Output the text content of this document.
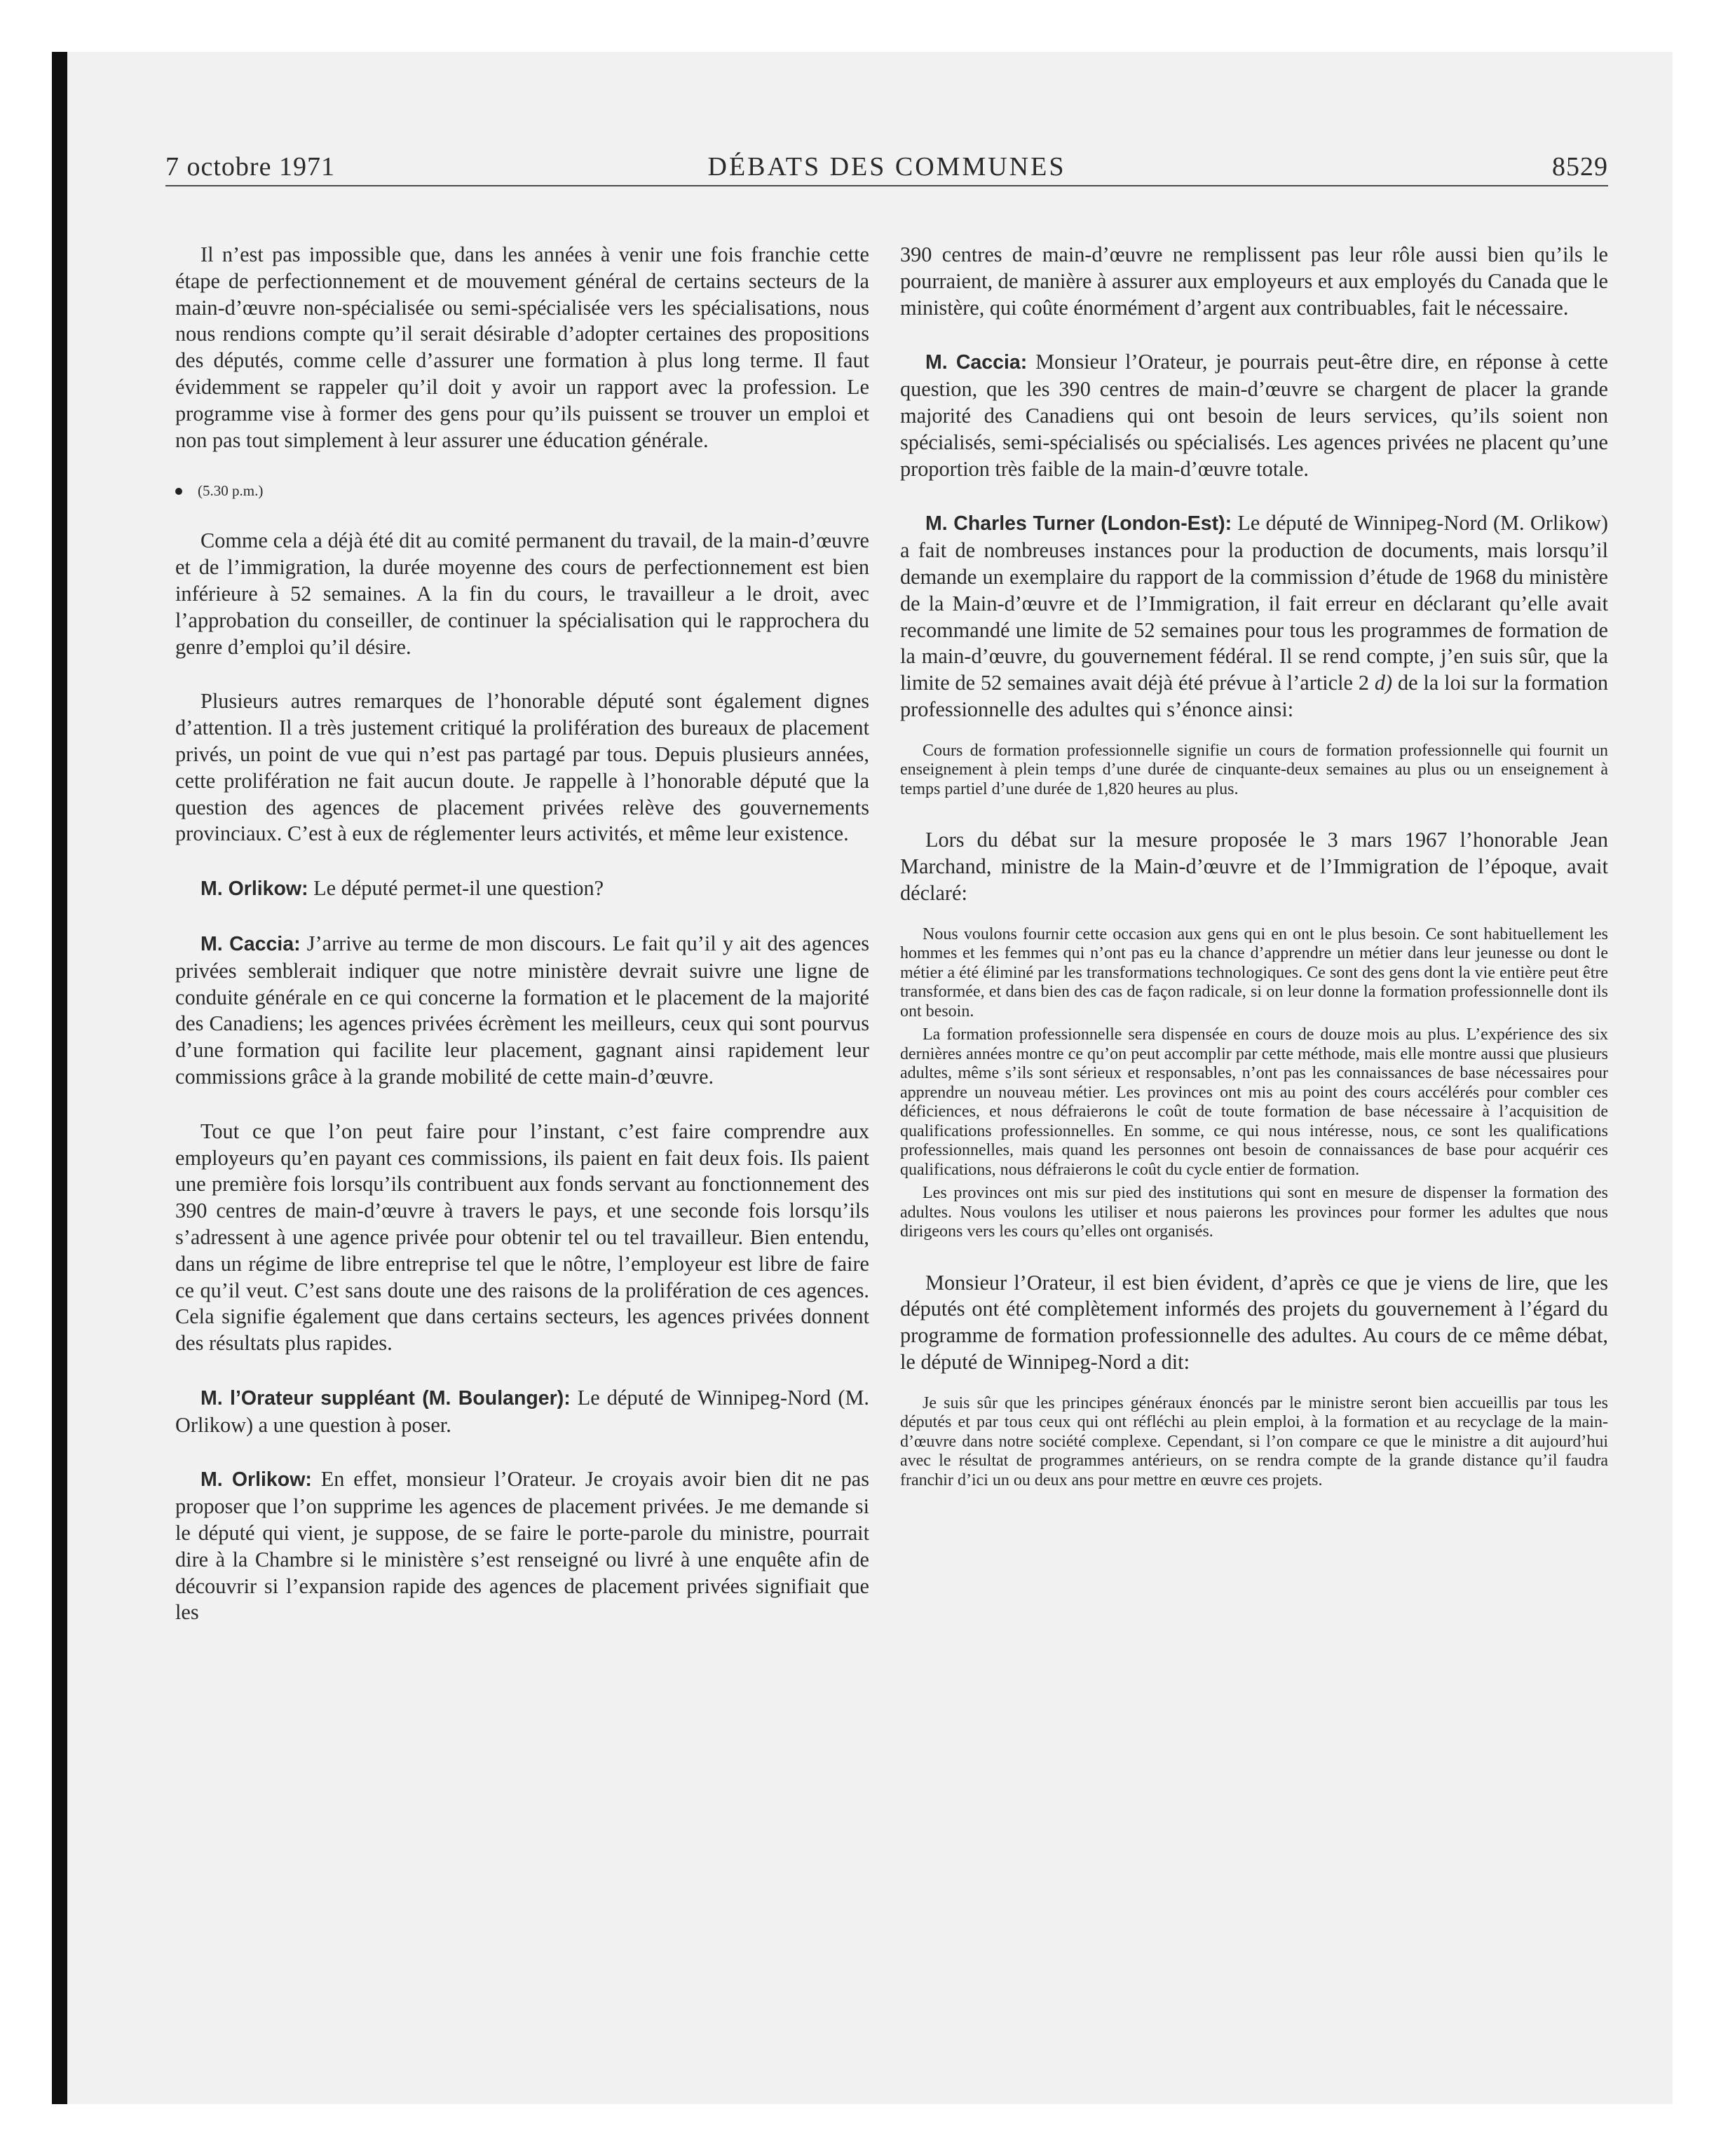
7 octobre 1971	DÉBATS DES COMMUNES	8529

Il n’est pas impossible que, dans les années à venir une fois franchie cette étape de perfectionnement et de mouvement général de certains secteurs de la main-d’œuvre non-spécialisée ou semi-spécialisée vers les spécialisations, nous nous rendions compte qu’il serait désirable d’adopter certaines des propositions des députés, comme celle d’assurer une formation à plus long terme. Il faut évidemment se rappeler qu’il doit y avoir un rapport avec la profession. Le programme vise à former des gens pour qu’ils puissent se trouver un emploi et non pas tout simplement à leur assurer une éducation générale.

(5.30 p.m.)

Comme cela a déjà été dit au comité permanent du travail, de la main-d’œuvre et de l’immigration, la durée moyenne des cours de perfectionnement est bien inférieure à 52 semaines. A la fin du cours, le travailleur a le droit, avec l’approbation du conseiller, de continuer la spécialisation qui le rapprochera du genre d’emploi qu’il désire.

Plusieurs autres remarques de l’honorable député sont également dignes d’attention. Il a très justement critiqué la prolifération des bureaux de placement privés, un point de vue qui n’est pas partagé par tous. Depuis plusieurs années, cette prolifération ne fait aucun doute. Je rappelle à l’honorable député que la question des agences de placement privées relève des gouvernements provinciaux. C’est à eux de réglementer leurs activités, et même leur existence.

M. Orlikow: Le député permet-il une question?

M. Caccia: J’arrive au terme de mon discours. Le fait qu’il y ait des agences privées semblerait indiquer que notre ministère devrait suivre une ligne de conduite générale en ce qui concerne la formation et le placement de la majorité des Canadiens; les agences privées écrèment les meilleurs, ceux qui sont pourvus d’une formation qui facilite leur placement, gagnant ainsi rapidement leur commissions grâce à la grande mobilité de cette main-d’œuvre.

Tout ce que l’on peut faire pour l’instant, c’est faire comprendre aux employeurs qu’en payant ces commissions, ils paient en fait deux fois. Ils paient une première fois lorsqu’ils contribuent aux fonds servant au fonctionnement des 390 centres de main-d’œuvre à travers le pays, et une seconde fois lorsqu’ils s’adressent à une agence privée pour obtenir tel ou tel travailleur. Bien entendu, dans un régime de libre entreprise tel que le nôtre, l’employeur est libre de faire ce qu’il veut. C’est sans doute une des raisons de la prolifération de ces agences. Cela signifie également que dans certains secteurs, les agences privées donnent des résultats plus rapides.

M. l’Orateur suppléant (M. Boulanger): Le député de Winnipeg-Nord (M. Orlikow) a une question à poser.

M. Orlikow: En effet, monsieur l’Orateur. Je croyais avoir bien dit ne pas proposer que l’on supprime les agences de placement privées. Je me demande si le député qui vient, je suppose, de se faire le porte-parole du ministre, pourrait dire à la Chambre si le ministère s’est renseigné ou livré à une enquête afin de découvrir si l’expansion rapide des agences de placement privées signifiait que les

390 centres de main-d’œuvre ne remplissent pas leur rôle aussi bien qu’ils le pourraient, de manière à assurer aux employeurs et aux employés du Canada que le ministère, qui coûte énormément d’argent aux contribuables, fait le nécessaire.

M. Caccia: Monsieur l’Orateur, je pourrais peut-être dire, en réponse à cette question, que les 390 centres de main-d’œuvre se chargent de placer la grande majorité des Canadiens qui ont besoin de leurs services, qu’ils soient non spécialisés, semi-spécialisés ou spécialisés. Les agences privées ne placent qu’une proportion très faible de la main-d’œuvre totale.

M. Charles Turner (London-Est): Le député de Winnipeg-Nord (M. Orlikow) a fait de nombreuses instances pour la production de documents, mais lorsqu’il demande un exemplaire du rapport de la commission d’étude de 1968 du ministère de la Main-d’œuvre et de l’Immigration, il fait erreur en déclarant qu’elle avait recommandé une limite de 52 semaines pour tous les programmes de formation de la main-d’œuvre, du gouvernement fédéral. Il se rend compte, j’en suis sûr, que la limite de 52 semaines avait déjà été prévue à l’article 2 d) de la loi sur la formation professionnelle des adultes qui s’énonce ainsi:

Cours de formation professionnelle signifie un cours de formation professionnelle qui fournit un enseignement à plein temps d’une durée de cinquante-deux semaines au plus ou un enseignement à temps partiel d’une durée de 1,820 heures au plus.

Lors du débat sur la mesure proposée le 3 mars 1967 l’honorable Jean Marchand, ministre de la Main-d’œuvre et de l’Immigration de l’époque, avait déclaré:

Nous voulons fournir cette occasion aux gens qui en ont le plus besoin. Ce sont habituellement les hommes et les femmes qui n’ont pas eu la chance d’apprendre un métier dans leur jeunesse ou dont le métier a été éliminé par les transformations technologiques. Ce sont des gens dont la vie entière peut être transformée, et dans bien des cas de façon radicale, si on leur donne la formation professionnelle dont ils ont besoin.

La formation professionnelle sera dispensée en cours de douze mois au plus. L’expérience des six dernières années montre ce qu’on peut accomplir par cette méthode, mais elle montre aussi que plusieurs adultes, même s’ils sont sérieux et responsables, n’ont pas les connaissances de base nécessaires pour apprendre un nouveau métier. Les provinces ont mis au point des cours accélérés pour combler ces déficiences, et nous défraierons le coût de toute formation de base nécessaire à l’acquisition de qualifications professionnelles. En somme, ce qui nous intéresse, nous, ce sont les qualifications professionnelles, mais quand les personnes ont besoin de connaissances de base pour acquérir ces qualifications, nous défraierons le coût du cycle entier de formation.

Les provinces ont mis sur pied des institutions qui sont en mesure de dispenser la formation des adultes. Nous voulons les utiliser et nous paierons les provinces pour former les adultes que nous dirigeons vers les cours qu’elles ont organisés.

Monsieur l’Orateur, il est bien évident, d’après ce que je viens de lire, que les députés ont été complètement informés des projets du gouvernement à l’égard du programme de formation professionnelle des adultes. Au cours de ce même débat, le député de Winnipeg-Nord a dit:

Je suis sûr que les principes généraux énoncés par le ministre seront bien accueillis par tous les députés et par tous ceux qui ont réfléchi au plein emploi, à la formation et au recyclage de la main-d’œuvre dans notre société complexe. Cependant, si l’on compare ce que le ministre a dit aujourd’hui avec le résultat de programmes antérieurs, on se rendra compte de la grande distance qu’il faudra franchir d’ici un ou deux ans pour mettre en œuvre ces projets.
